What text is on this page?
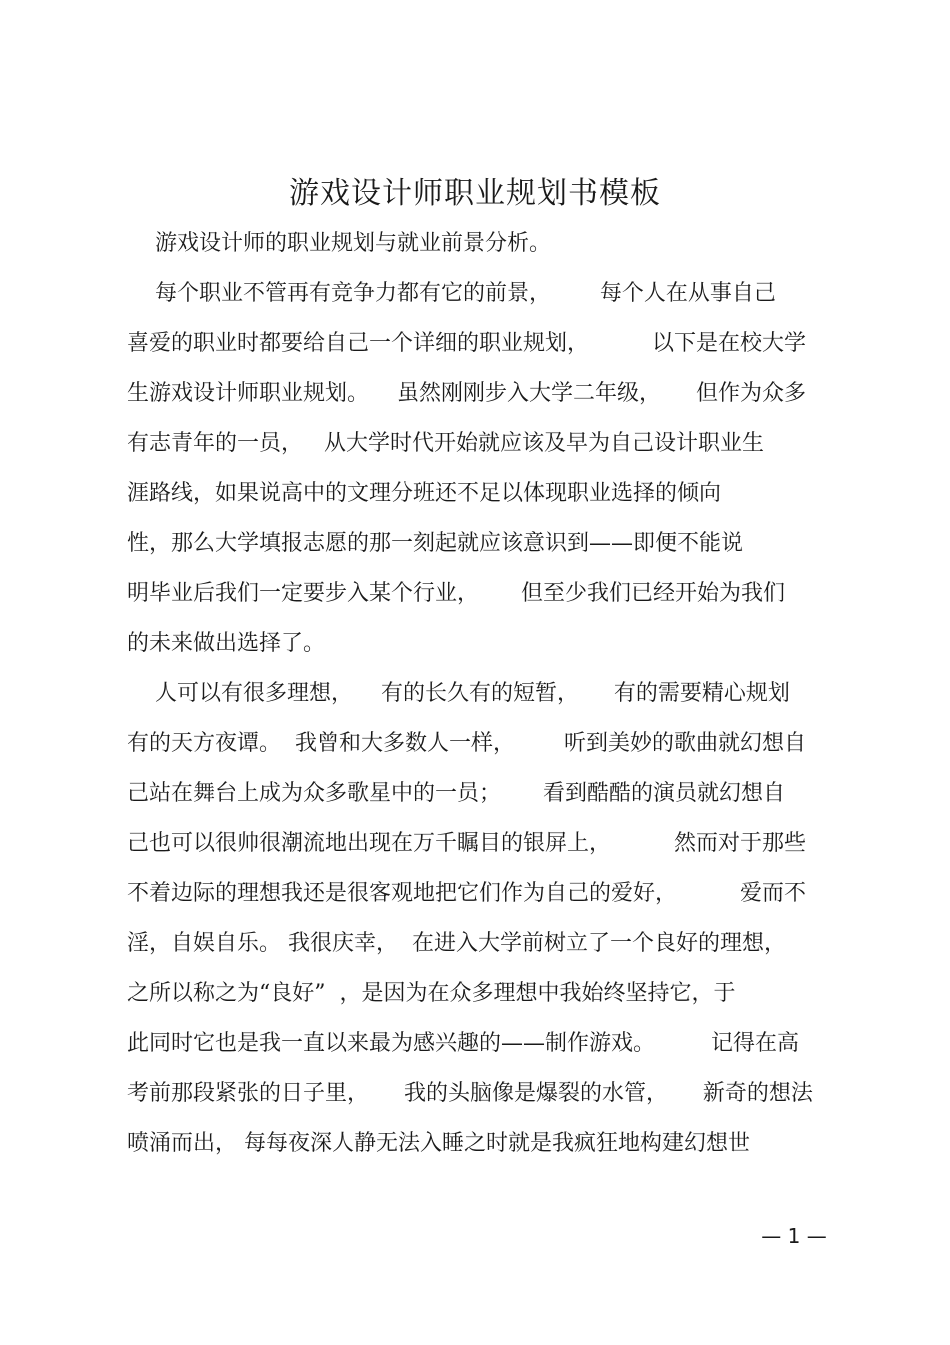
游戏设计师职业规划书模板
游戏设计师的职业规划与就业前景分析。
每个职业不管再有竞争力都有它的前景，       每个人在从事自己
喜爱的职业时都要给自己一个详细的职业规划，         以下是在校大学
生游戏设计师职业规划。    虽然刚刚步入大学二年级，     但作为众多
有志青年的一员，   从大学时代开始就应该及早为自己设计职业生
涯路线，如果说高中的文理分班还不足以体现职业选择的倾向
性，那么大学填报志愿的那一刻起就应该意识到——即便不能说
明毕业后我们一定要步入某个行业，      但至少我们已经开始为我们
的未来做出选择了。
人可以有很多理想，    有的长久有的短暂，     有的需要精心规划
有的天方夜谭。  我曾和大多数人一样，       听到美妙的歌曲就幻想自
己站在舞台上成为众多歌星中的一员；      看到酷酷的演员就幻想自
己也可以很帅很潮流地出现在万千瞩目的银屏上，         然而对于那些
不着边际的理想我还是很客观地把它们作为自己的爱好，         爱而不
淫，自娱自乐。 我很庆幸，  在进入大学前树立了一个良好的理想，
之所以称之为“良好”  ，是因为在众多理想中我始终坚持它，于
此同时它也是我一直以来最为感兴趣的——制作游戏。        记得在高
考前那段紧张的日子里，     我的头脑像是爆裂的水管，     新奇的想法
喷涌而出， 每每夜深人静无法入睡之时就是我疯狂地构建幻想世
— 1 —
